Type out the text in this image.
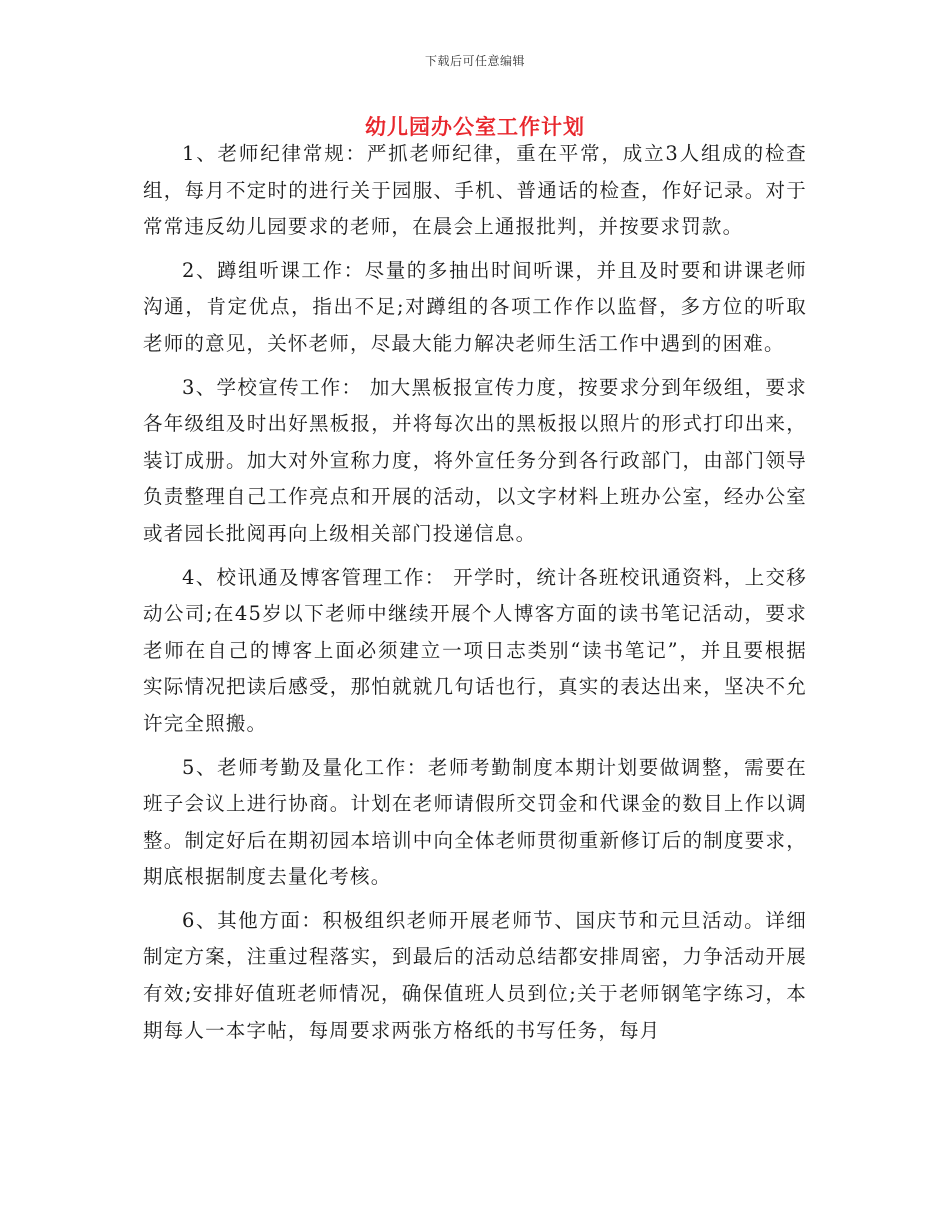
下载后可任意编辑
幼儿园办公室工作计划

1、老师纪律常规：严抓老师纪律，重在平常，成立3人组成的检查组，每月不定时的进行关于园服、手机、普通话的检查，作好记录。对于常常违反幼儿园要求的老师，在晨会上通报批判，并按要求罚款。

2、蹲组听课工作：尽量的多抽出时间听课，并且及时要和讲课老师沟通，肯定优点，指出不足;对蹲组的各项工作作以监督，多方位的听取老师的意见，关怀老师，尽最大能力解决老师生活工作中遇到的困难。

3、学校宣传工作： 加大黑板报宣传力度，按要求分到年级组，要求各年级组及时出好黑板报，并将每次出的黑板报以照片的形式打印出来，装订成册。加大对外宣称力度，将外宣任务分到各行政部门，由部门领导负责整理自己工作亮点和开展的活动，以文字材料上班办公室，经办公室或者园长批阅再向上级相关部门投递信息。

4、校讯通及博客管理工作： 开学时，统计各班校讯通资料，上交移动公司;在45岁以下老师中继续开展个人博客方面的读书笔记活动，要求老师在自己的博客上面必须建立一项日志类别“读书笔记”，并且要根据实际情况把读后感受，那怕就就几句话也行，真实的表达出来，坚决不允许完全照搬。

5、老师考勤及量化工作：老师考勤制度本期计划要做调整，需要在班子会议上进行协商。计划在老师请假所交罚金和代课金的数目上作以调整。制定好后在期初园本培训中向全体老师贯彻重新修订后的制度要求，期底根据制度去量化考核。

6、其他方面：积极组织老师开展老师节、国庆节和元旦活动。详细制定方案，注重过程落实，到最后的活动总结都安排周密，力争活动开展有效;安排好值班老师情况，确保值班人员到位;关于老师钢笔字练习，本期每人一本字帖，每周要求两张方格纸的书写任务，每月
